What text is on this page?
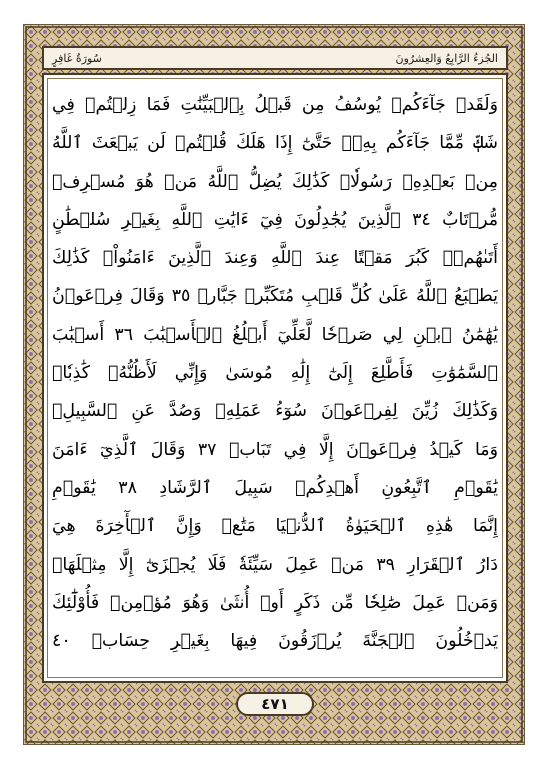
سُورَةُ غَافِرٍ	الجُزءُ الرَّابِعُ وَالعِشرُونَ
وَلَقَدۡ جَآءَكُمۡ يُوسُفُ مِن قَبۡلُ بِٱلۡبَيِّنَٰتِ فَمَا زِلۡتُمۡ فِي
شَكّٖ مِّمَّا جَآءَكُم بِهِۦۖ حَتَّىٰٓ إِذَا هَلَكَ قُلۡتُمۡ لَن يَبۡعَثَ ٱللَّهُ
مِنۢ بَعۡدِهِۦ رَسُولٗاۚ كَذَٰلِكَ يُضِلُّ ٱللَّهُ مَنۡ هُوَ مُسۡرِفٞ
مُّرۡتَابٌ ٣٤ ٱلَّذِينَ يُجَٰدِلُونَ فِيٓ ءَايَٰتِ ٱللَّهِ بِغَيۡرِ سُلۡطَٰنٍ
أَتَىٰهُمۡۖ كَبُرَ مَقۡتًا عِندَ ٱللَّهِ وَعِندَ ٱلَّذِينَ ءَامَنُواْۚ كَذَٰلِكَ
يَطۡبَعُ ٱللَّهُ عَلَىٰ كُلِّ قَلۡبِ مُتَكَبِّرٖ جَبَّارٖ ٣٥ وَقَالَ فِرۡعَوۡنُ
يَٰهَٰمَٰنُ ٱبۡنِ لِي صَرۡحٗا لَّعَلِّيٓ أَبۡلُغُ ٱلۡأَسۡبَٰبَ ٣٦ أَسۡبَٰبَ
ٱلسَّمَٰوَٰتِ فَأَطَّلِعَ إِلَىٰٓ إِلَٰهِ مُوسَىٰ وَإِنِّي لَأَظُنُّهُۥ كَٰذِبٗاۚ
وَكَذَٰلِكَ زُيِّنَ لِفِرۡعَوۡنَ سُوٓءُ عَمَلِهِۦ وَصُدَّ عَنِ ٱلسَّبِيلِۚ
وَمَا كَيۡدُ فِرۡعَوۡنَ إِلَّا فِي تَبَابٖ ٣٧ وَقَالَ ٱلَّذِيٓ ءَامَنَ
يَٰقَوۡمِ ٱتَّبِعُونِ أَهۡدِكُمۡ سَبِيلَ ٱلرَّشَادِ ٣٨ يَٰقَوۡمِ
إِنَّمَا هَٰذِهِ ٱلۡحَيَوٰةُ ٱلدُّنۡيَا مَتَٰعٞ وَإِنَّ ٱلۡأٓخِرَةَ هِيَ
دَارُ ٱلۡقَرَارِ ٣٩ مَنۡ عَمِلَ سَيِّئَةٗ فَلَا يُجۡزَىٰٓ إِلَّا مِثۡلَهَاۖ
وَمَنۡ عَمِلَ صَٰلِحٗا مِّن ذَكَرٍ أَوۡ أُنثَىٰ وَهُوَ مُؤۡمِنٞ فَأُوْلَٰٓئِكَ
يَدۡخُلُونَ ٱلۡجَنَّةَ يُرۡزَقُونَ فِيهَا بِغَيۡرِ حِسَابٖ ٤٠
٤٧١
